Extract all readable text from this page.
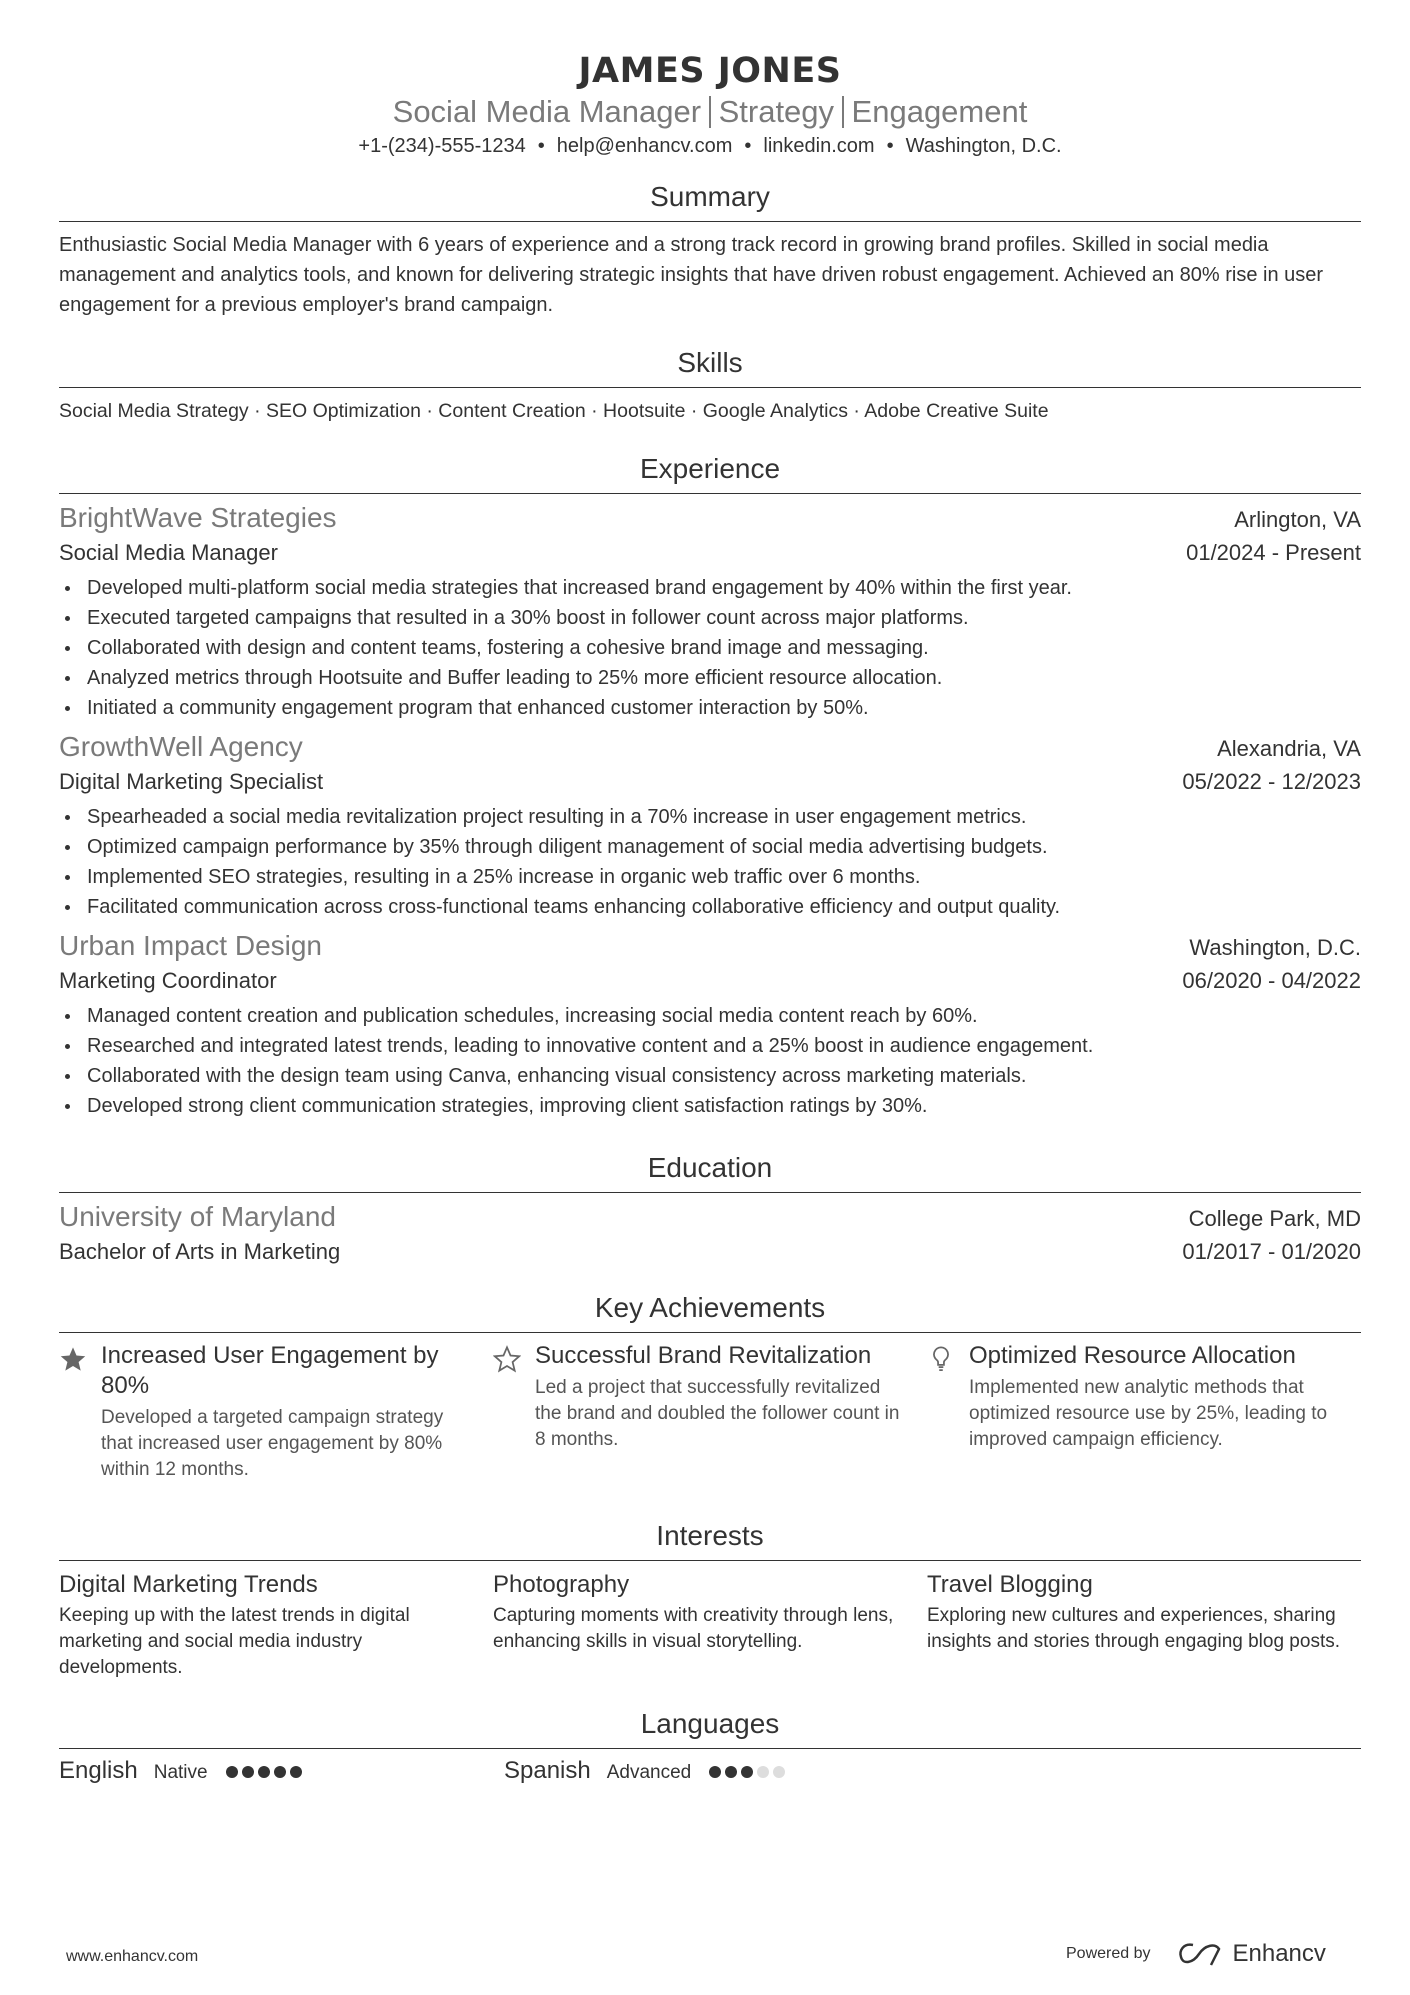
JAMES JONES
Social Media Manager Strategy Engagement
+1-(234)-555-1234 • help@enhancv.com • linkedin.com • Washington, D.C.
Summary
Enthusiastic Social Media Manager with 6 years of experience and a strong track record in growing brand profiles. Skilled in social media management and analytics tools, and known for delivering strategic insights that have driven robust engagement. Achieved an 80% rise in user engagement for a previous employer's brand campaign.
Skills
Social Media Strategy · SEO Optimization · Content Creation · Hootsuite · Google Analytics · Adobe Creative Suite
Experience
BrightWave Strategies	Arlington, VA
Social Media Manager	01/2024 - Present
Developed multi-platform social media strategies that increased brand engagement by 40% within the first year.
Executed targeted campaigns that resulted in a 30% boost in follower count across major platforms.
Collaborated with design and content teams, fostering a cohesive brand image and messaging.
Analyzed metrics through Hootsuite and Buffer leading to 25% more efficient resource allocation.
Initiated a community engagement program that enhanced customer interaction by 50%.
GrowthWell Agency	Alexandria, VA
Digital Marketing Specialist	05/2022 - 12/2023
Spearheaded a social media revitalization project resulting in a 70% increase in user engagement metrics.
Optimized campaign performance by 35% through diligent management of social media advertising budgets.
Implemented SEO strategies, resulting in a 25% increase in organic web traffic over 6 months.
Facilitated communication across cross-functional teams enhancing collaborative efficiency and output quality.
Urban Impact Design	Washington, D.C.
Marketing Coordinator	06/2020 - 04/2022
Managed content creation and publication schedules, increasing social media content reach by 60%.
Researched and integrated latest trends, leading to innovative content and a 25% boost in audience engagement.
Collaborated with the design team using Canva, enhancing visual consistency across marketing materials.
Developed strong client communication strategies, improving client satisfaction ratings by 30%.
Education
University of Maryland	College Park, MD
Bachelor of Arts in Marketing	01/2017 - 01/2020
Key Achievements
Increased User Engagement by 80%
Developed a targeted campaign strategy that increased user engagement by 80% within 12 months.
Successful Brand Revitalization
Led a project that successfully revitalized the brand and doubled the follower count in 8 months.
Optimized Resource Allocation
Implemented new analytic methods that optimized resource use by 25%, leading to improved campaign efficiency.
Interests
Digital Marketing Trends
Keeping up with the latest trends in digital marketing and social media industry developments.
Photography
Capturing moments with creativity through lens, enhancing skills in visual storytelling.
Travel Blogging
Exploring new cultures and experiences, sharing insights and stories through engaging blog posts.
Languages
English Native	Spanish Advanced
www.enhancv.com	Powered by	Enhancv
